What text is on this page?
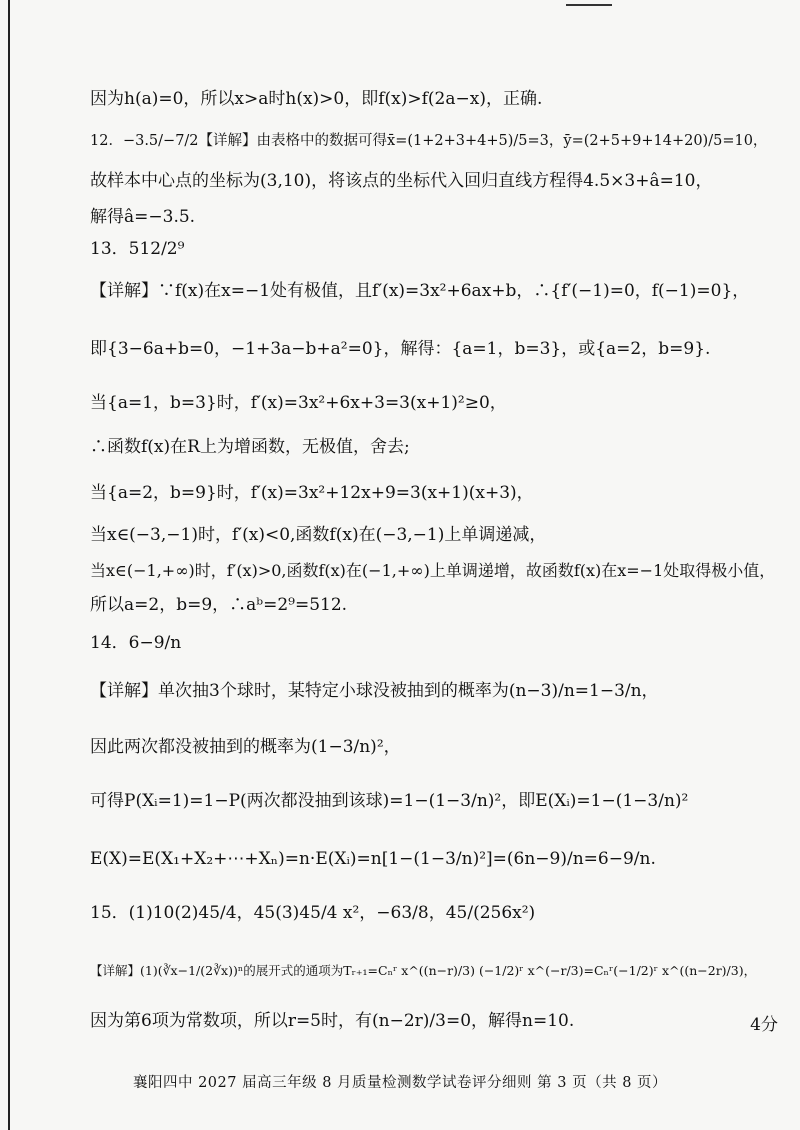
因为h(a)=0，所以x>a时h(x)>0，即f(x)>f(2a−x)，正确.
12．−3.5/−7/2【详解】由表格中的数据可得x̄=(1+2+3+4+5)/5=3，ȳ=(2+5+9+14+20)/5=10，
故样本中心点的坐标为(3,10)，将该点的坐标代入回归直线方程得4.5×3+â=10，
解得â=−3.5.
13．512/2⁹
【详解】∵f(x)在x=−1处有极值，且f′(x)=3x²+6ax+b，∴{f′(−1)=0，f(−1)=0}，
即{3−6a+b=0，−1+3a−b+a²=0}，解得：{a=1，b=3}，或{a=2，b=9}.
当{a=1，b=3}时，f′(x)=3x²+6x+3=3(x+1)²≥0，
∴函数f(x)在R上为增函数，无极值，舍去;
当{a=2，b=9}时，f′(x)=3x²+12x+9=3(x+1)(x+3)，
当x∈(−3,−1)时，f′(x)<0,函数f(x)在(−3,−1)上单调递减，
当x∈(−1,+∞)时，f′(x)>0,函数f(x)在(−1,+∞)上单调递增，故函数f(x)在x=−1处取得极小值，
所以a=2，b=9，∴aᵇ=2⁹=512.
14．6−9/n
【详解】单次抽3个球时，某特定小球没被抽到的概率为(n−3)/n=1−3/n，
因此两次都没被抽到的概率为(1−3/n)²，
可得P(Xᵢ=1)=1−P(两次都没抽到该球)=1−(1−3/n)²，即E(Xᵢ)=1−(1−3/n)²
E(X)=E(X₁+X₂+⋯+Xₙ)=n·E(Xᵢ)=n[1−(1−3/n)²]=(6n−9)/n=6−9/n.
15．(1)10(2)45/4，45(3)45/4 x²，−63/8，45/(256x²)
【详解】(1)(∛x−1/(2∛x))ⁿ的展开式的通项为Tᵣ₊₁=Cₙʳ x^((n−r)/3) (−1/2)ʳ x^(−r/3)=Cₙʳ(−1/2)ʳ x^((n−2r)/3)，
因为第6项为常数项，所以r=5时，有(n−2r)/3=0，解得n=10.	4分
襄阳四中 2027 届高三年级 8 月质量检测数学试卷评分细则 第 3 页（共 8 页）
